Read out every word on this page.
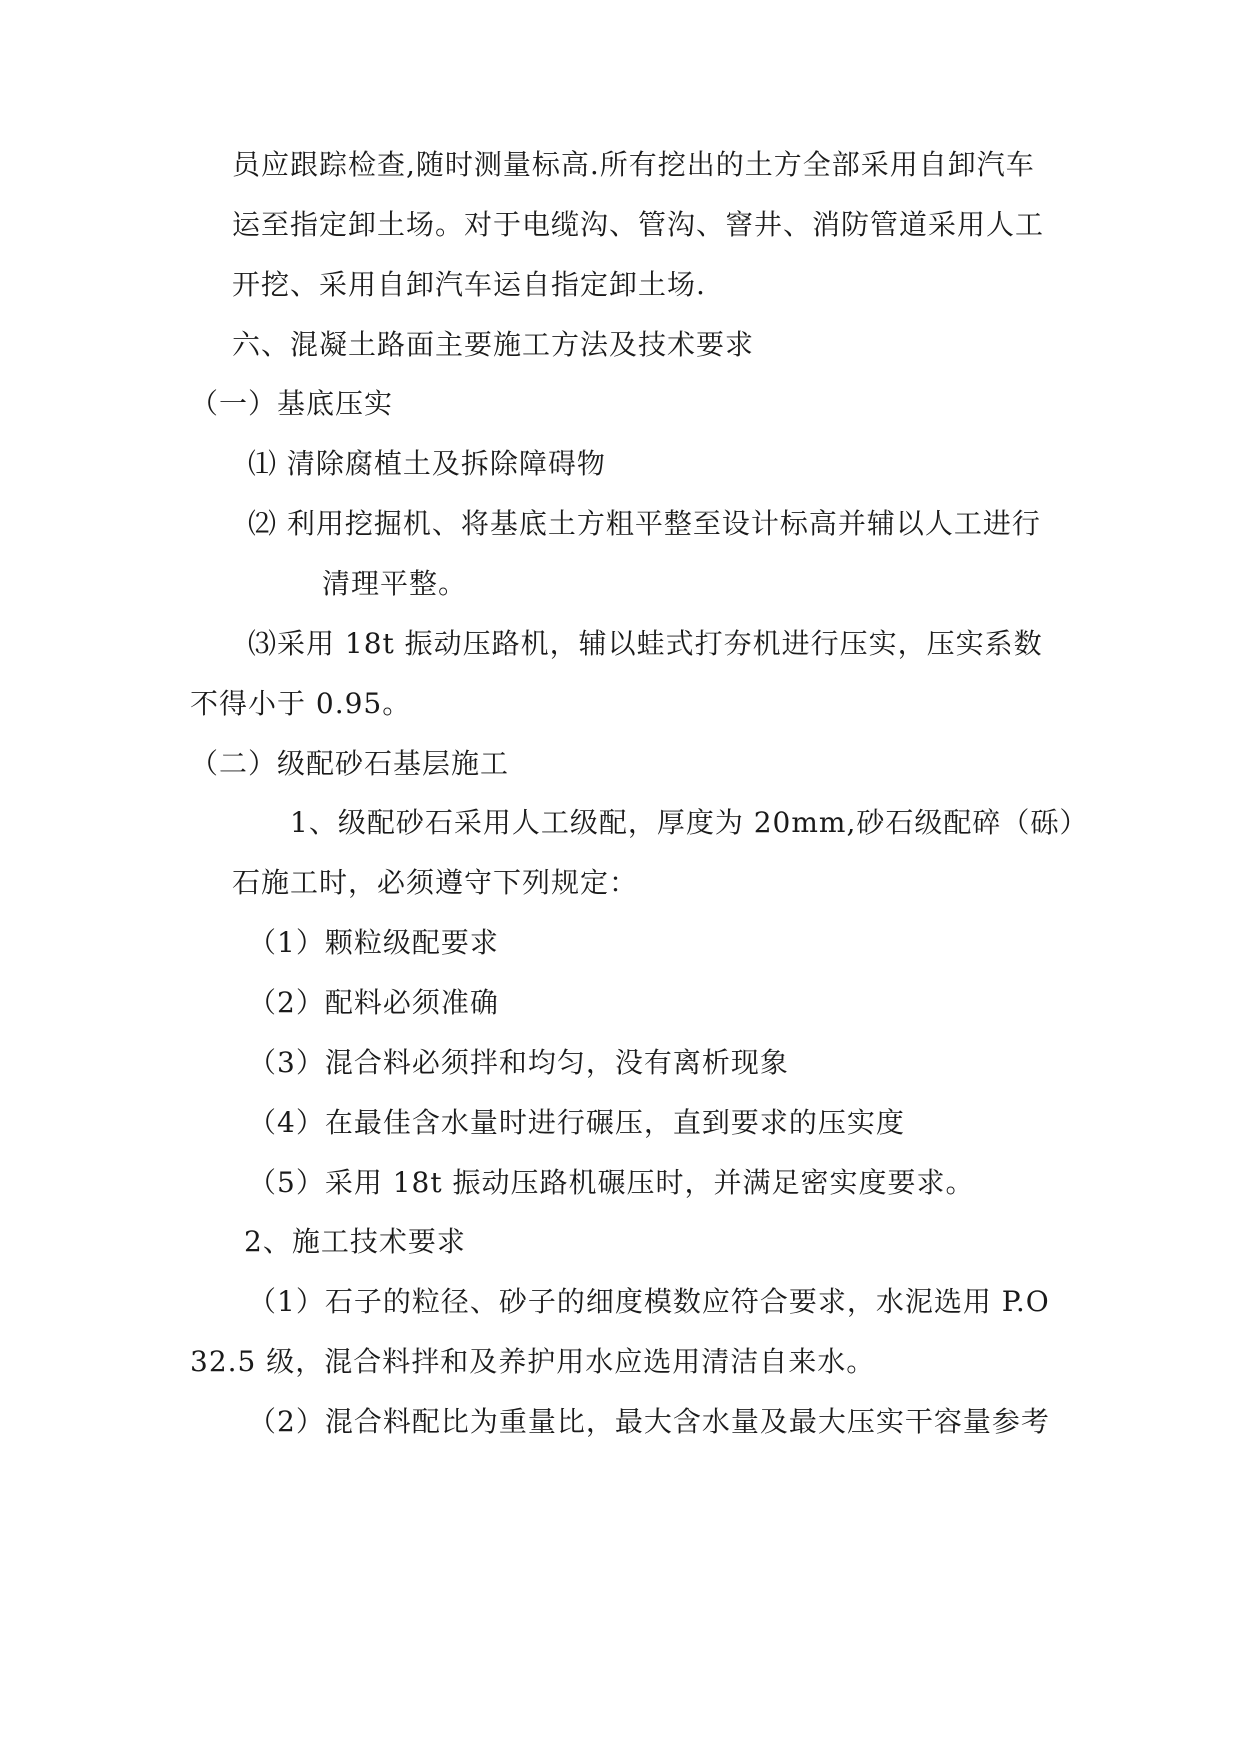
员应跟踪检查,随时测量标高.所有挖出的土方全部采用自卸汽车
运至指定卸土场。对于电缆沟、管沟、窨井、消防管道采用人工
开挖、采用自卸汽车运自指定卸土场.
六、混凝土路面主要施工方法及技术要求
（一）基底压实
⑴ 清除腐植土及拆除障碍物
⑵ 利用挖掘机、将基底土方粗平整至设计标高并辅以人工进行
清理平整。
⑶采用 18t 振动压路机，辅以蛙式打夯机进行压实，压实系数
不得小于 0.95。
（二）级配砂石基层施工
1、级配砂石采用人工级配，厚度为 20mm,砂石级配碎（砾）
石施工时，必须遵守下列规定：
（1）颗粒级配要求
（2）配料必须准确
（3）混合料必须拌和均匀，没有离析现象
（4）在最佳含水量时进行碾压，直到要求的压实度
（5）采用 18t 振动压路机碾压时，并满足密实度要求。
2、施工技术要求
（1）石子的粒径、砂子的细度模数应符合要求，水泥选用 P.O
32.5 级，混合料拌和及养护用水应选用清洁自来水。
（2）混合料配比为重量比，最大含水量及最大压实干容量参考
